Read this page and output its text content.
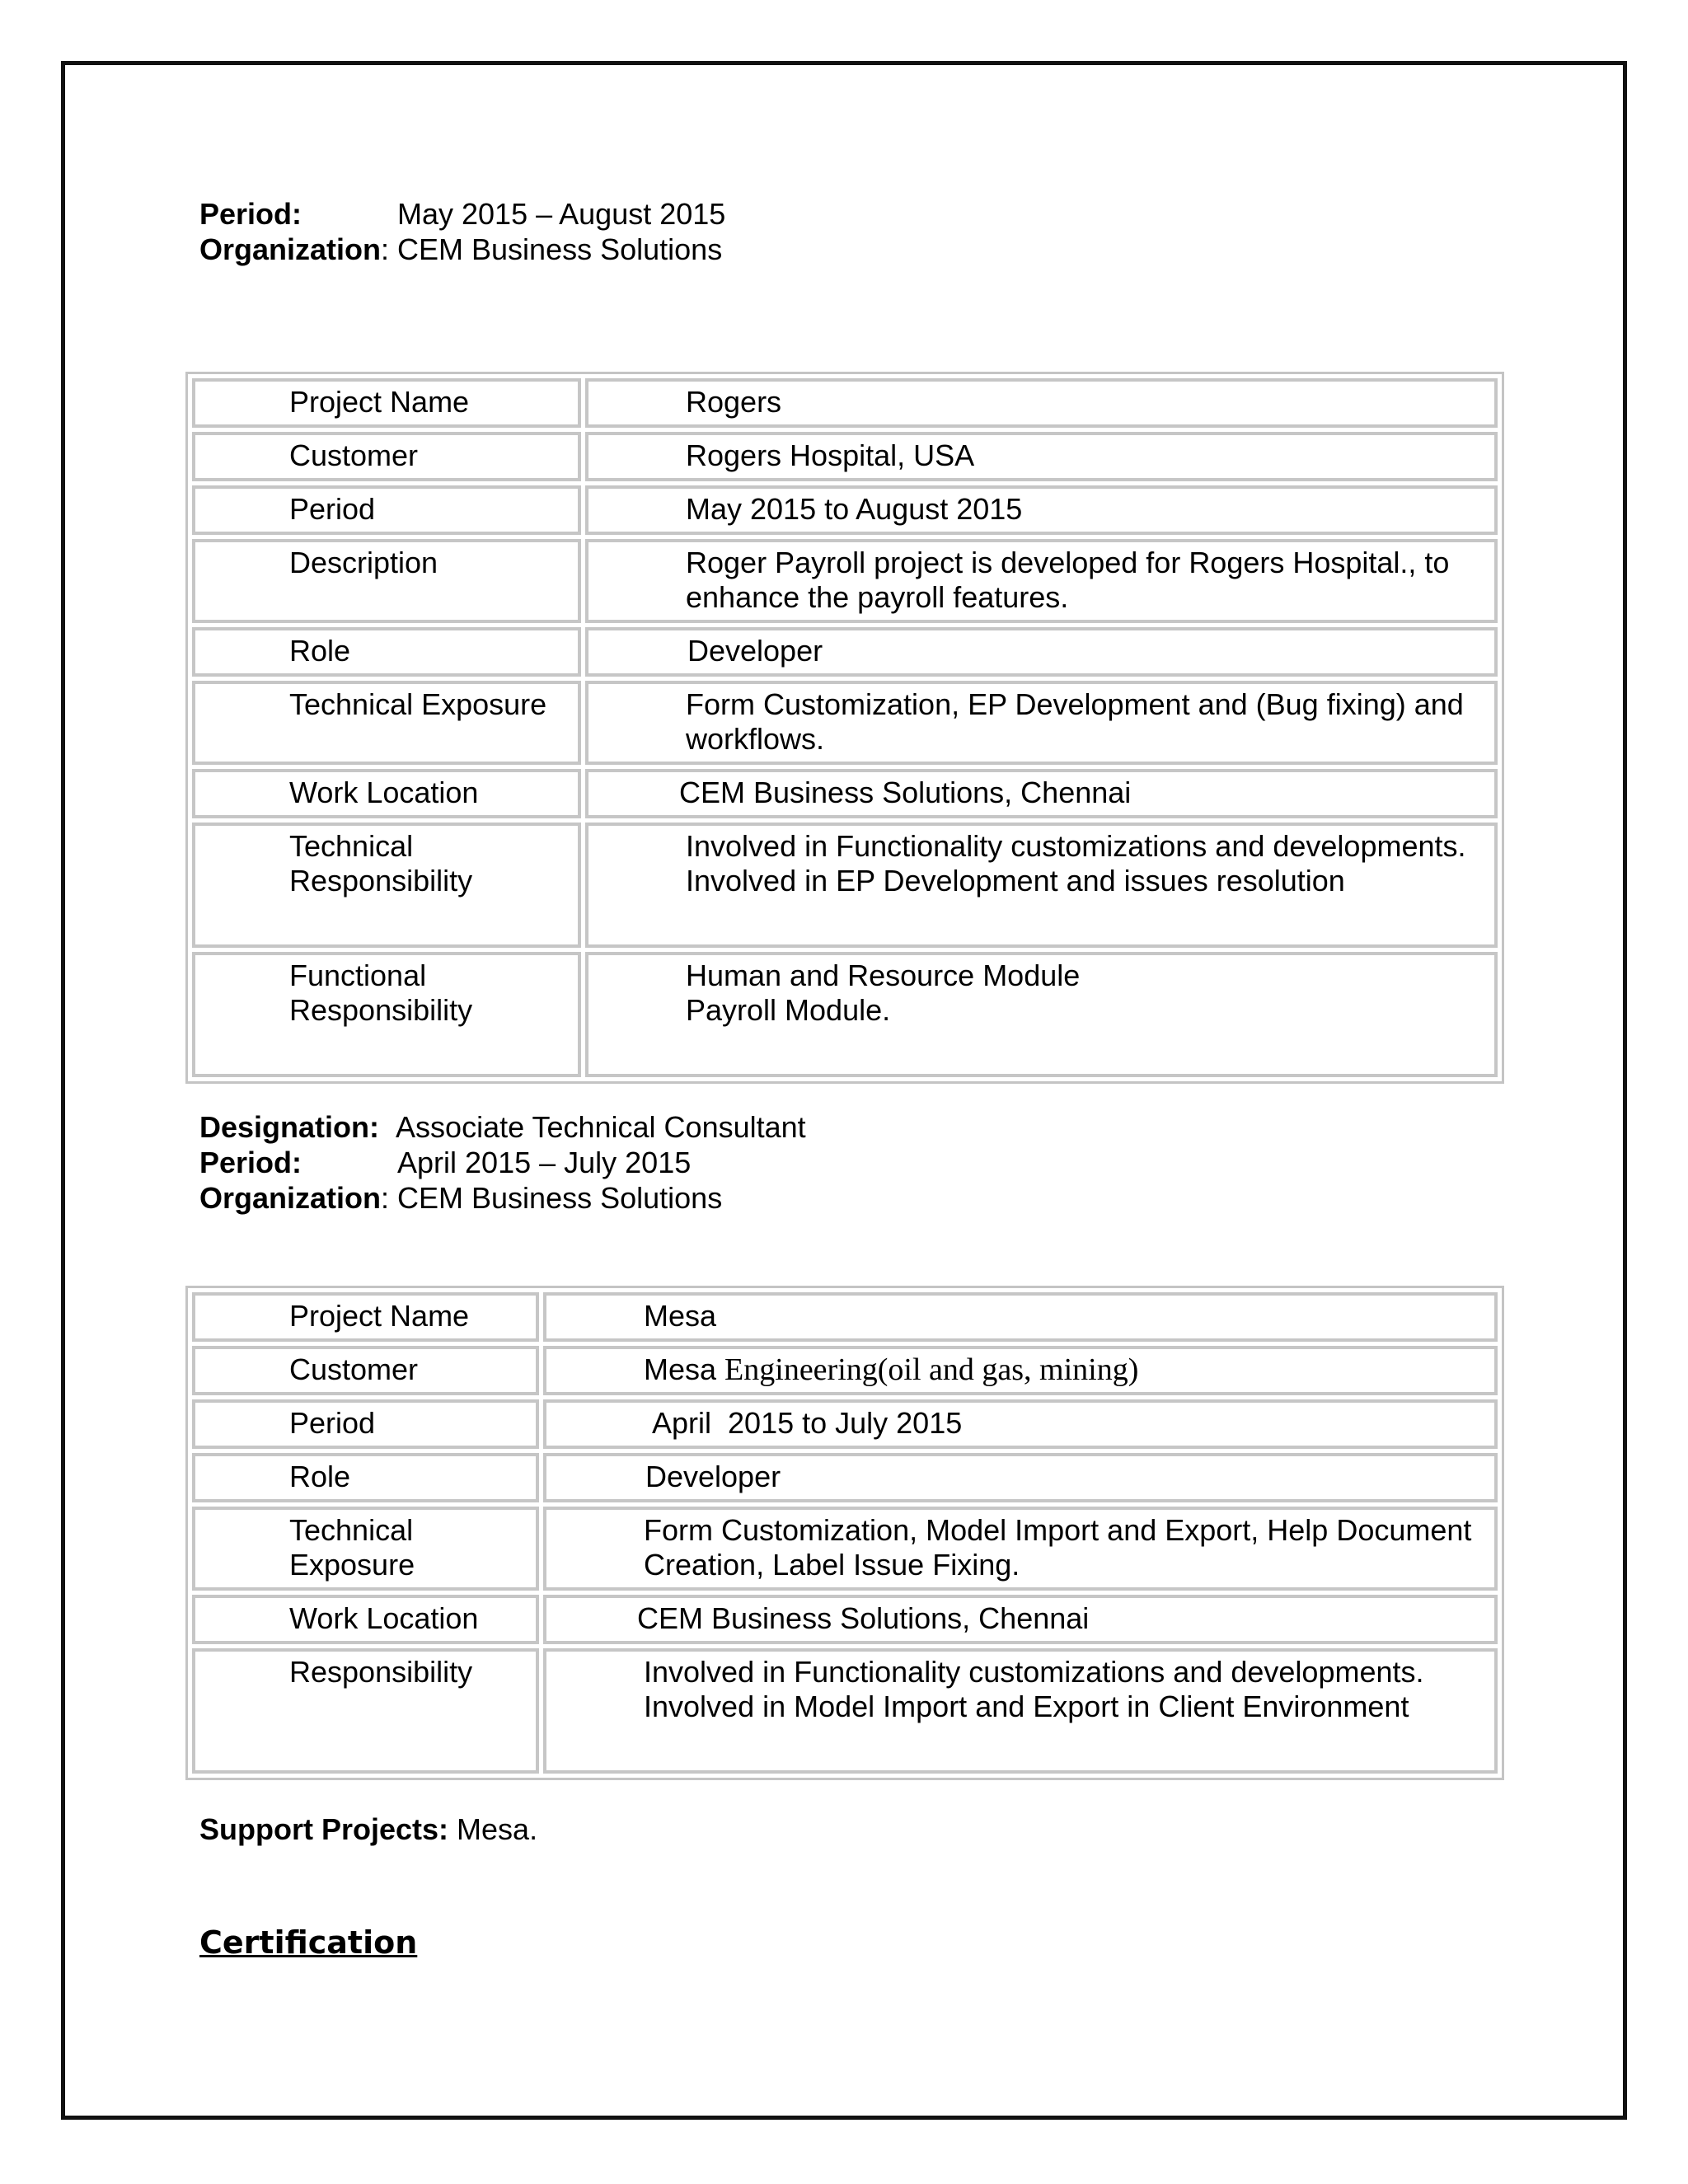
Period:	May 2015 – August 2015
Organization: CEM Business Solutions
Project Name	Rogers

Customer	Rogers Hospital, USA

Period	May 2015 to August 2015

Description	Roger Payroll project is developed for Rogers Hospital., to
enhance the payroll features.

Role	Developer

Technical Exposure	Form Customization, EP Development and (Bug fixing) and
workflows.

Work Location	CEM Business Solutions, Chennai

Technical
Responsibility	Involved in Functionality customizations and developments.
Involved in EP Development and issues resolution

Functional
Responsibility	Human and Resource Module
Payroll Module.
Designation: Associate Technical Consultant
Period:	April 2015 – July 2015
Organization: CEM Business Solutions
Project Name	Mesa

Customer	Mesa Engineering(oil and gas, mining)

Period	April  2015 to July 2015

Role	Developer

Technical
Exposure	Form Customization, Model Import and Export, Help Document
Creation, Label Issue Fixing.

Work Location	CEM Business Solutions, Chennai

Responsibility	Involved in Functionality customizations and developments.
Involved in Model Import and Export in Client Environment
Support Projects: Mesa.
Certification
